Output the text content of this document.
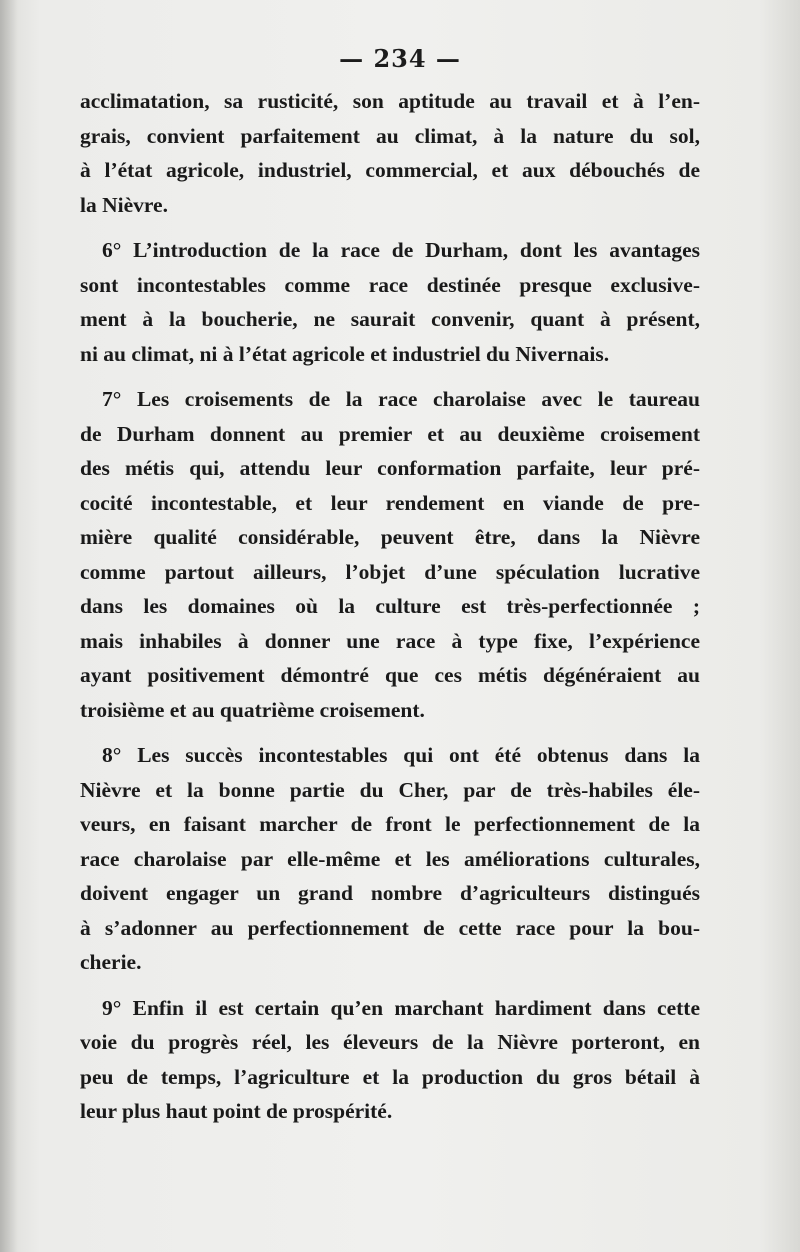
— 234 —
acclimatation, sa rusticité, son aptitude au travail et à l’en-
grais, convient parfaitement au climat, à la nature du sol,
à l’état agricole, industriel, commercial, et aux débouchés de
la Nièvre.
6° L’introduction de la race de Durham, dont les avantages
sont incontestables comme race destinée presque exclusive-
ment à la boucherie, ne saurait convenir, quant à présent,
ni au climat, ni à l’état agricole et industriel du Nivernais.
7° Les croisements de la race charolaise avec le taureau
de Durham donnent au premier et au deuxième croisement
des métis qui, attendu leur conformation parfaite, leur pré-
cocité incontestable, et leur rendement en viande de pre-
mière qualité considérable, peuvent être, dans la Nièvre
comme partout ailleurs, l’objet d’une spéculation lucrative
dans les domaines où la culture est très-perfectionnée ;
mais inhabiles à donner une race à type fixe, l’expérience
ayant positivement démontré que ces métis dégénéraient au
troisième et au quatrième croisement.
8° Les succès incontestables qui ont été obtenus dans la
Nièvre et la bonne partie du Cher, par de très-habiles éle-
veurs, en faisant marcher de front le perfectionnement de la
race charolaise par elle-même et les améliorations culturales,
doivent engager un grand nombre d’agriculteurs distingués
à s’adonner au perfectionnement de cette race pour la bou-
cherie.
9° Enfin il est certain qu’en marchant hardiment dans cette
voie du progrès réel, les éleveurs de la Nièvre porteront, en
peu de temps, l’agriculture et la production du gros bétail à
leur plus haut point de prospérité.
